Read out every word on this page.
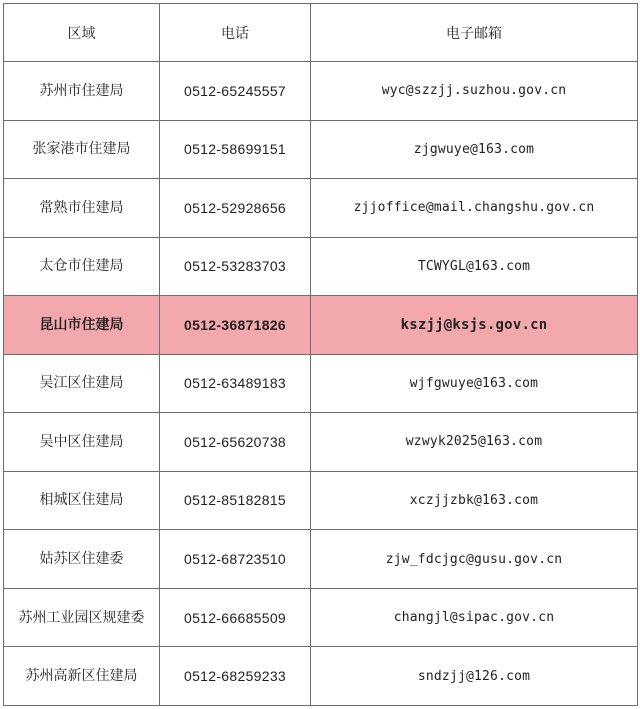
区域	电话	电子邮箱
苏州市住建局	0512-65245557	wyc@szzjj.suzhou.gov.cn
张家港市住建局	0512-58699151	zjgwuye@163.com
常熟市住建局	0512-52928656	zjjoffice@mail.changshu.gov.cn
太仓市住建局	0512-53283703	TCWYGL@163.com
昆山市住建局	0512-36871826	kszjj@ksjs.gov.cn
吴江区住建局	0512-63489183	wjfgwuye@163.com
吴中区住建局	0512-65620738	wzwyk2025@163.com
相城区住建局	0512-85182815	xczjjzbk@163.com
姑苏区住建委	0512-68723510	zjw_fdcjgc@gusu.gov.cn
苏州工业园区规建委	0512-66685509	changjl@sipac.gov.cn
苏州高新区住建局	0512-68259233	sndzjj@126.com
